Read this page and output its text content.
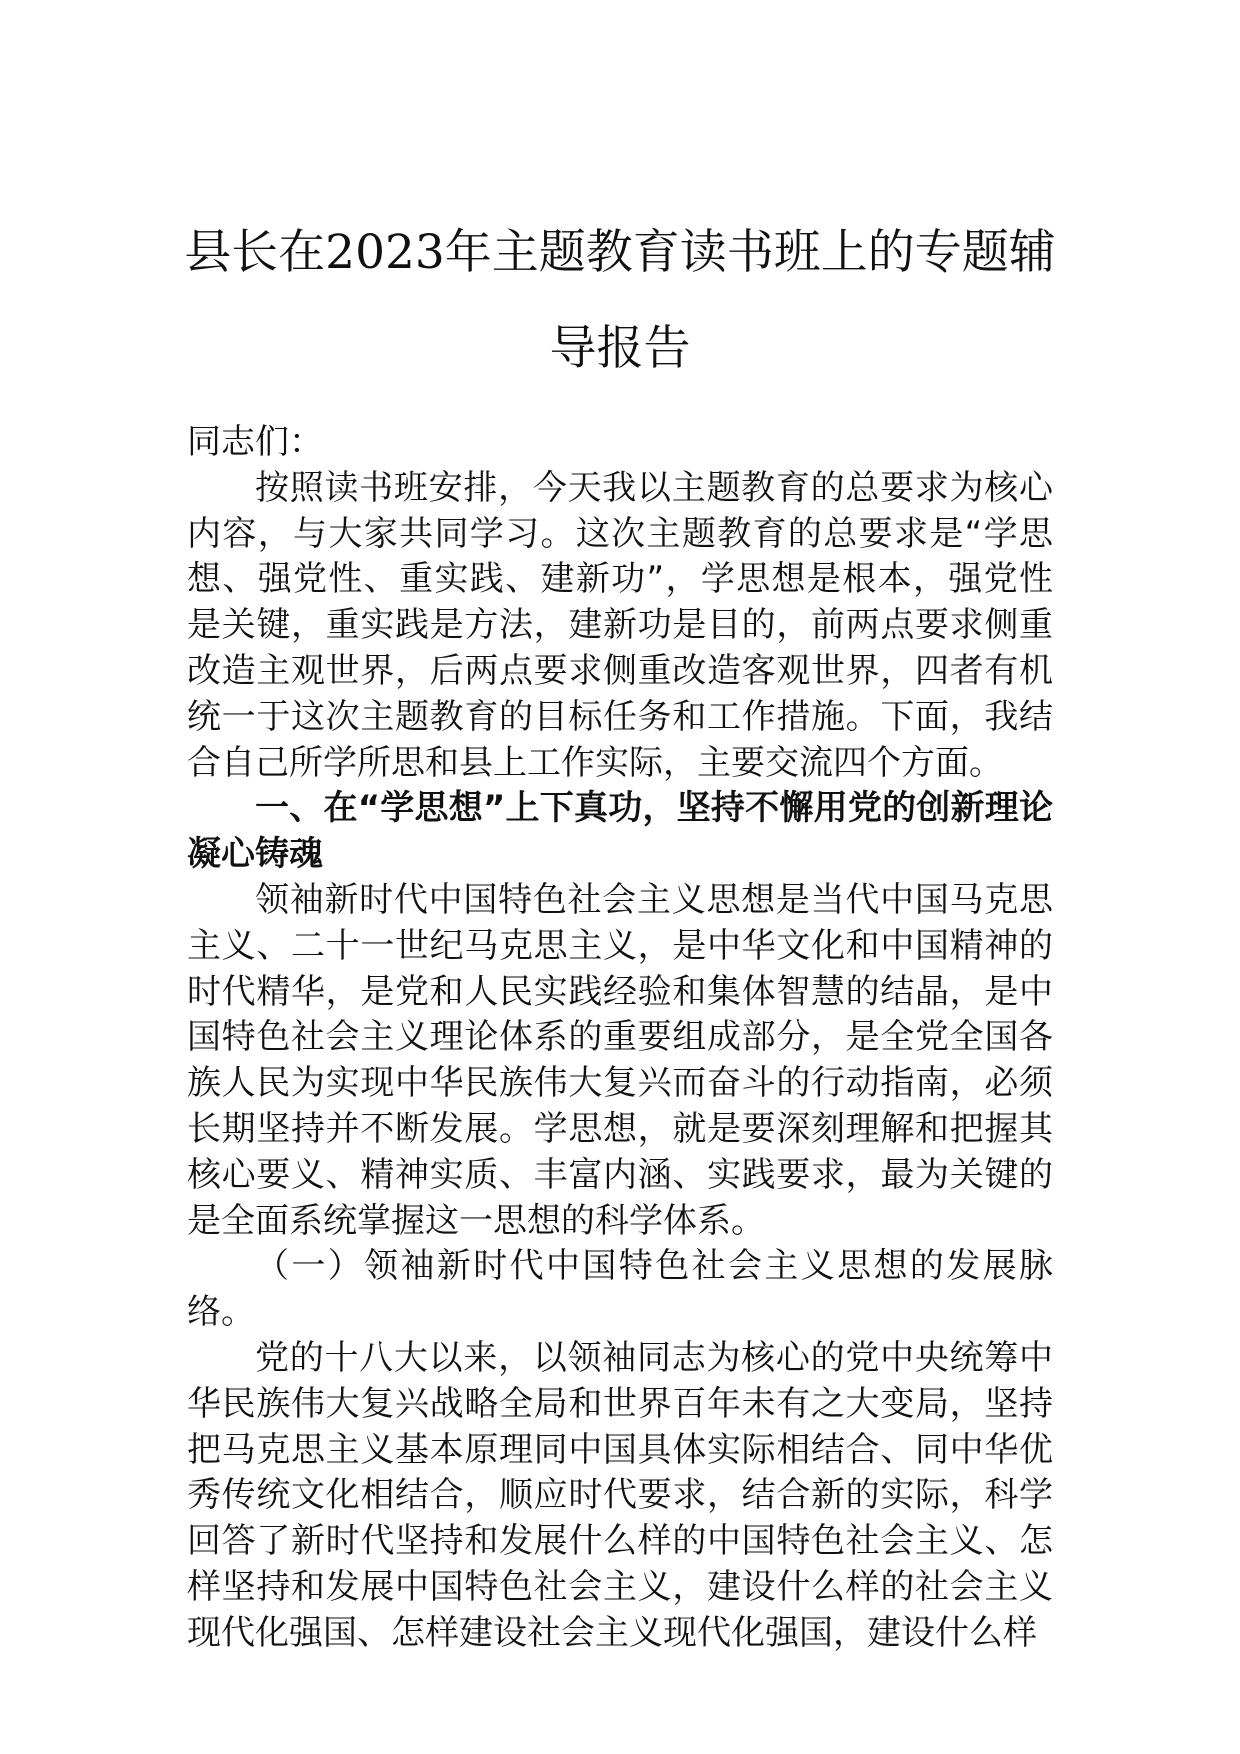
县长在2023年主题教育读书班上的专题辅导报告

同志们：

按照读书班安排，今天我以主题教育的总要求为核心内容，与大家共同学习。这次主题教育的总要求是“学思想、强党性、重实践、建新功”，学思想是根本，强党性是关键，重实践是方法，建新功是目的，前两点要求侧重改造主观世界，后两点要求侧重改造客观世界，四者有机统一于这次主题教育的目标任务和工作措施。下面，我结合自己所学所思和县上工作实际，主要交流四个方面。

一、在“学思想”上下真功，坚持不懈用党的创新理论凝心铸魂

领袖新时代中国特色社会主义思想是当代中国马克思主义、二十一世纪马克思主义，是中华文化和中国精神的时代精华，是党和人民实践经验和集体智慧的结晶，是中国特色社会主义理论体系的重要组成部分，是全党全国各族人民为实现中华民族伟大复兴而奋斗的行动指南，必须长期坚持并不断发展。学思想，就是要深刻理解和把握其核心要义、精神实质、丰富内涵、实践要求，最为关键的是全面系统掌握这一思想的科学体系。

（一）领袖新时代中国特色社会主义思想的发展脉络。

党的十八大以来，以领袖同志为核心的党中央统筹中华民族伟大复兴战略全局和世界百年未有之大变局，坚持把马克思主义基本原理同中国具体实际相结合、同中华优秀传统文化相结合，顺应时代要求，结合新的实际，科学回答了新时代坚持和发展什么样的中国特色社会主义、怎样坚持和发展中国特色社会主义，建设什么样的社会主义现代化强国、怎样建设社会主义现代化强国，建设什么样
